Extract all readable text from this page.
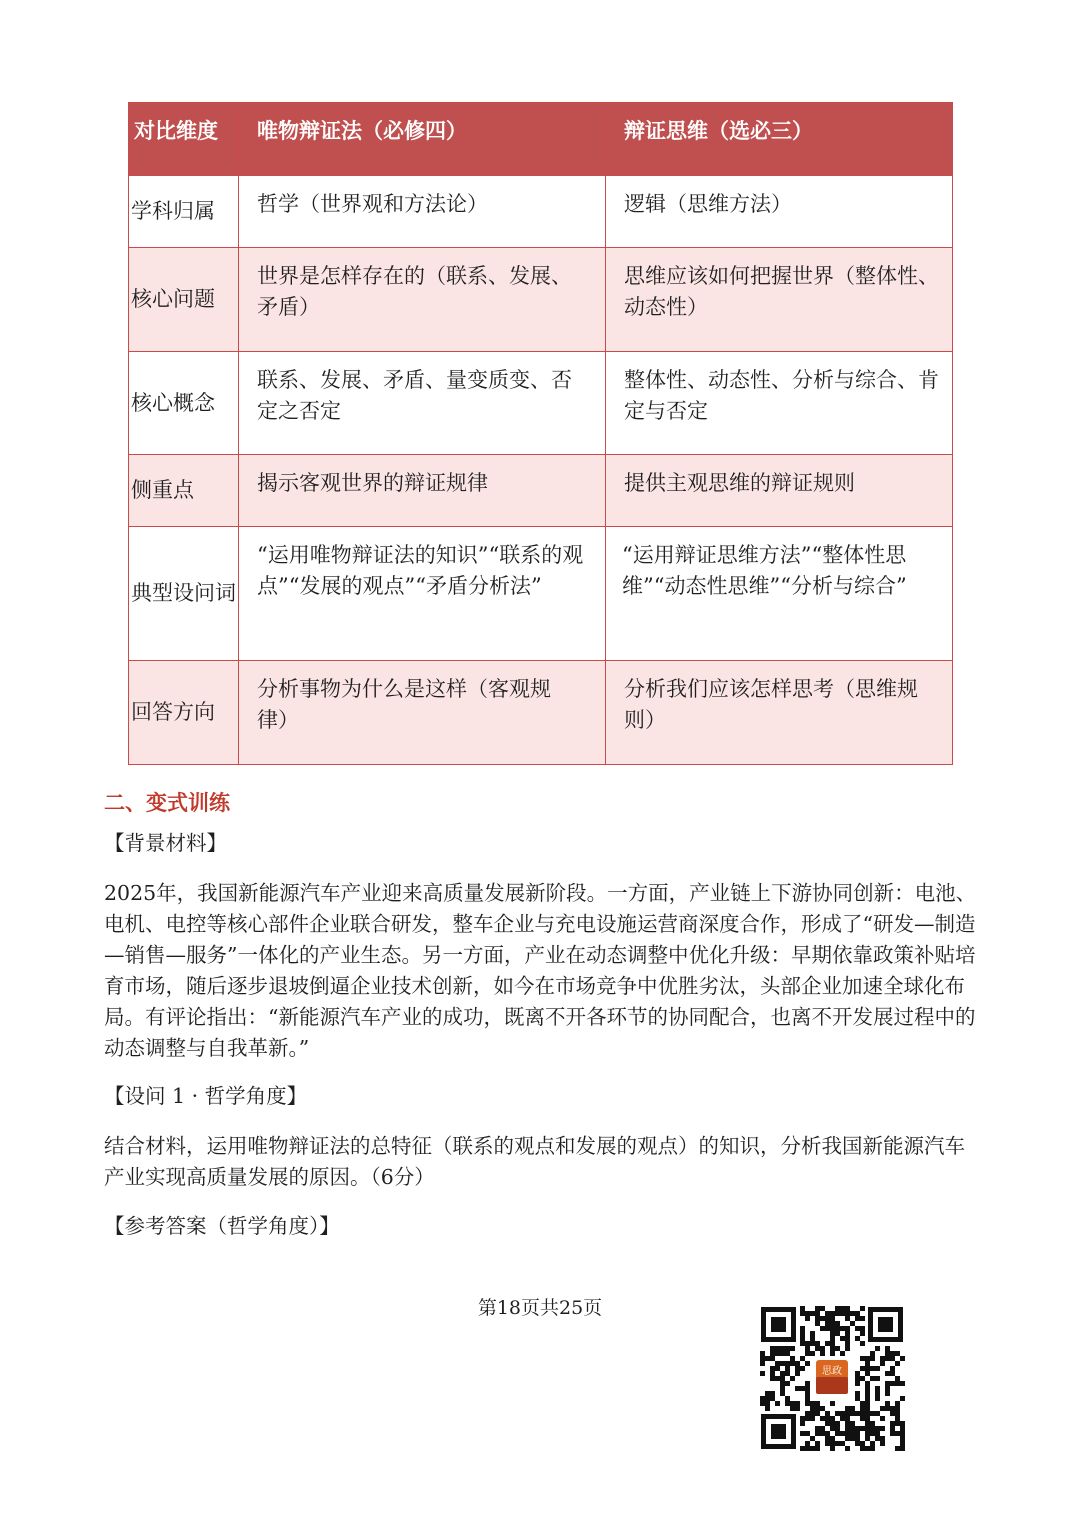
对比维度	唯物辩证法（必修四）	辩证思维（选必三）
学科归属	哲学（世界观和方法论）	逻辑（思维方法）
核心问题	世界是怎样存在的（联系、发展、矛盾）	思维应该如何把握世界（整体性、动态性）
核心概念	联系、发展、矛盾、量变质变、否定之否定	整体性、动态性、分析与综合、肯定与否定
侧重点	揭示客观世界的辩证规律	提供主观思维的辩证规则
典型设问词	“运用唯物辩证法的知识”“联系的观点”“发展的观点”“矛盾分析法”	“运用辩证思维方法”“整体性思维”“动态性思维”“分析与综合”
回答方向	分析事物为什么是这样（客观规律）	分析我们应该怎样思考（思维规则）
二、变式训练

【背景材料】

2025年，我国新能源汽车产业迎来高质量发展新阶段。一方面，产业链上下游协同创新：电池、电机、电控等核心部件企业联合研发，整车企业与充电设施运营商深度合作，形成了“研发—制造—销售—服务”一体化的产业生态。另一方面，产业在动态调整中优化升级：早期依靠政策补贴培育市场，随后逐步退坡倒逼企业技术创新，如今在市场竞争中优胜劣汰，头部企业加速全球化布局。有评论指出：“新能源汽车产业的成功，既离不开各环节的协同配合，也离不开发展过程中的动态调整与自我革新。”

【设问 1 · 哲学角度】

结合材料，运用唯物辩证法的总特征（联系的观点和发展的观点）的知识，分析我国新能源汽车产业实现高质量发展的原因。（6分）

【参考答案（哲学角度）】

第18页共25页
思政
